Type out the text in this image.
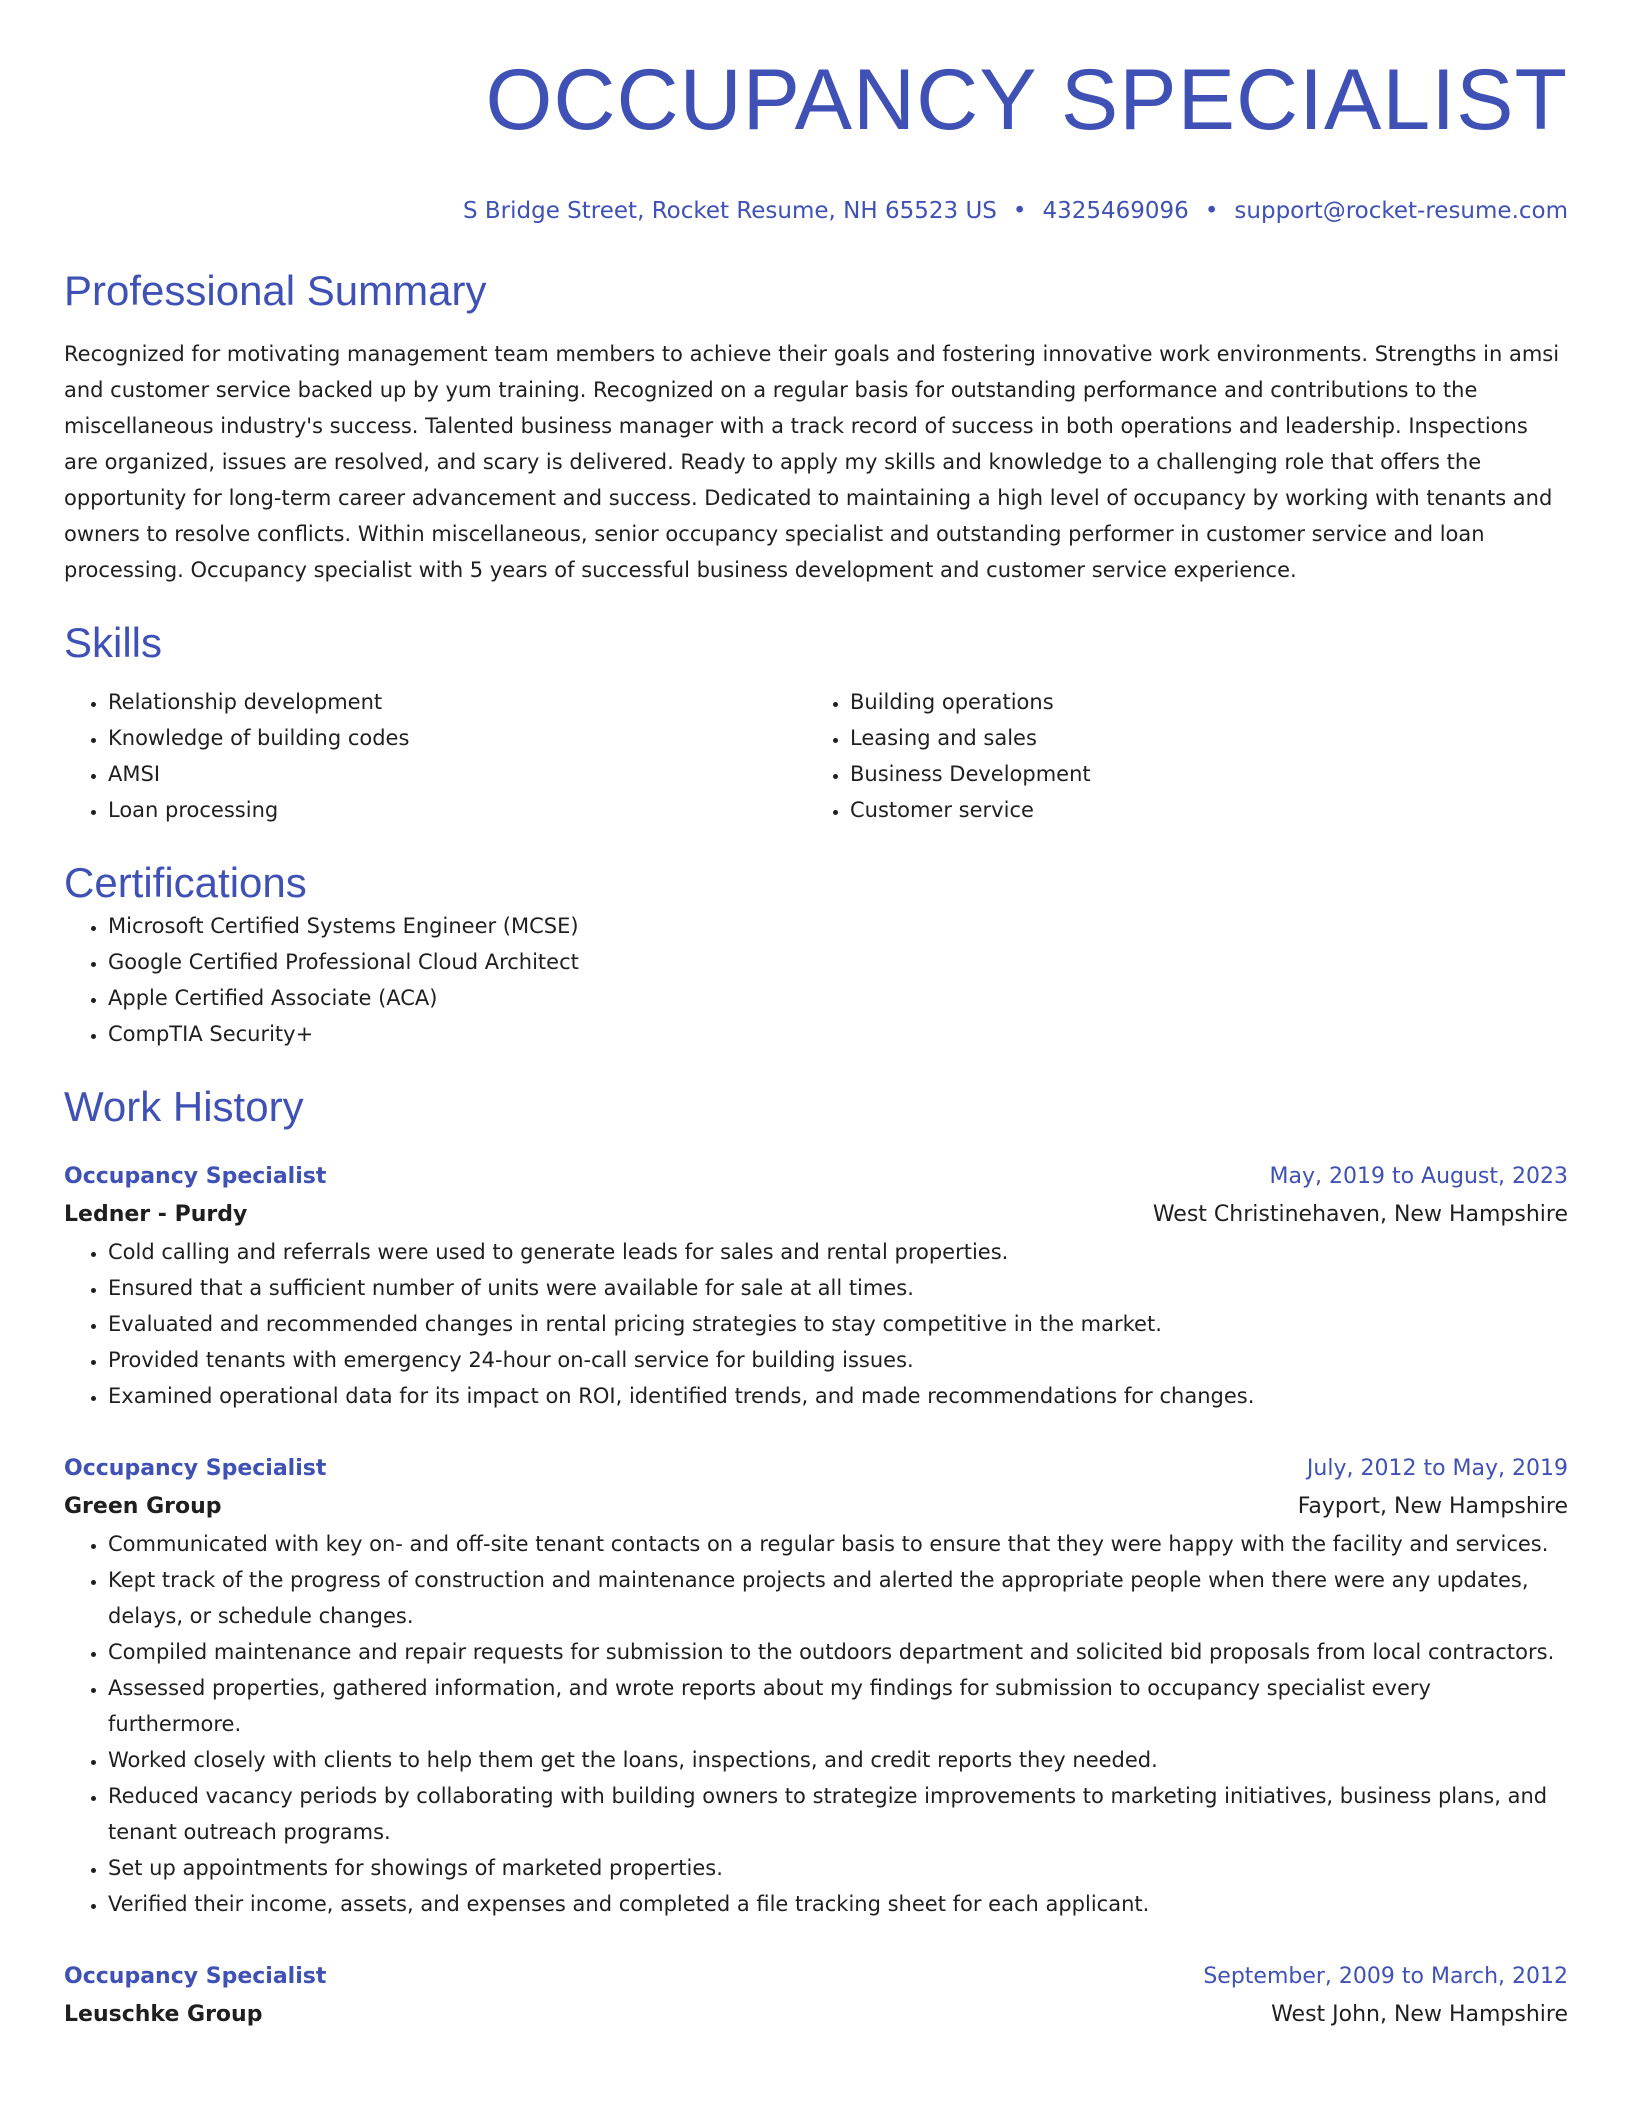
OCCUPANCY SPECIALIST
S Bridge Street, Rocket Resume, NH 65523 US • 4325469096 • support@rocket-resume.com
Professional Summary
Recognized for motivating management team members to achieve their goals and fostering innovative work environments. Strengths in amsi and customer service backed up by yum training. Recognized on a regular basis for outstanding performance and contributions to the miscellaneous industry's success. Talented business manager with a track record of success in both operations and leadership. Inspections are organized, issues are resolved, and scary is delivered. Ready to apply my skills and knowledge to a challenging role that offers the opportunity for long-term career advancement and success. Dedicated to maintaining a high level of occupancy by working with tenants and owners to resolve conflicts. Within miscellaneous, senior occupancy specialist and outstanding performer in customer service and loan processing. Occupancy specialist with 5 years of successful business development and customer service experience.
Skills
• Relationship development
• Knowledge of building codes
• AMSI
• Loan processing
• Building operations
• Leasing and sales
• Business Development
• Customer service
Certifications
• Microsoft Certified Systems Engineer (MCSE)
• Google Certified Professional Cloud Architect
• Apple Certified Associate (ACA)
• CompTIA Security+
Work History
Occupancy Specialist	May, 2019 to August, 2023
Ledner - Purdy	West Christinehaven, New Hampshire
• Cold calling and referrals were used to generate leads for sales and rental properties.
• Ensured that a sufficient number of units were available for sale at all times.
• Evaluated and recommended changes in rental pricing strategies to stay competitive in the market.
• Provided tenants with emergency 24-hour on-call service for building issues.
• Examined operational data for its impact on ROI, identified trends, and made recommendations for changes.
Occupancy Specialist	July, 2012 to May, 2019
Green Group	Fayport, New Hampshire
• Communicated with key on- and off-site tenant contacts on a regular basis to ensure that they were happy with the facility and services.
• Kept track of the progress of construction and maintenance projects and alerted the appropriate people when there were any updates, delays, or schedule changes.
• Compiled maintenance and repair requests for submission to the outdoors department and solicited bid proposals from local contractors.
• Assessed properties, gathered information, and wrote reports about my findings for submission to occupancy specialist every furthermore.
• Worked closely with clients to help them get the loans, inspections, and credit reports they needed.
• Reduced vacancy periods by collaborating with building owners to strategize improvements to marketing initiatives, business plans, and tenant outreach programs.
• Set up appointments for showings of marketed properties.
• Verified their income, assets, and expenses and completed a file tracking sheet for each applicant.
Occupancy Specialist	September, 2009 to March, 2012
Leuschke Group	West John, New Hampshire
